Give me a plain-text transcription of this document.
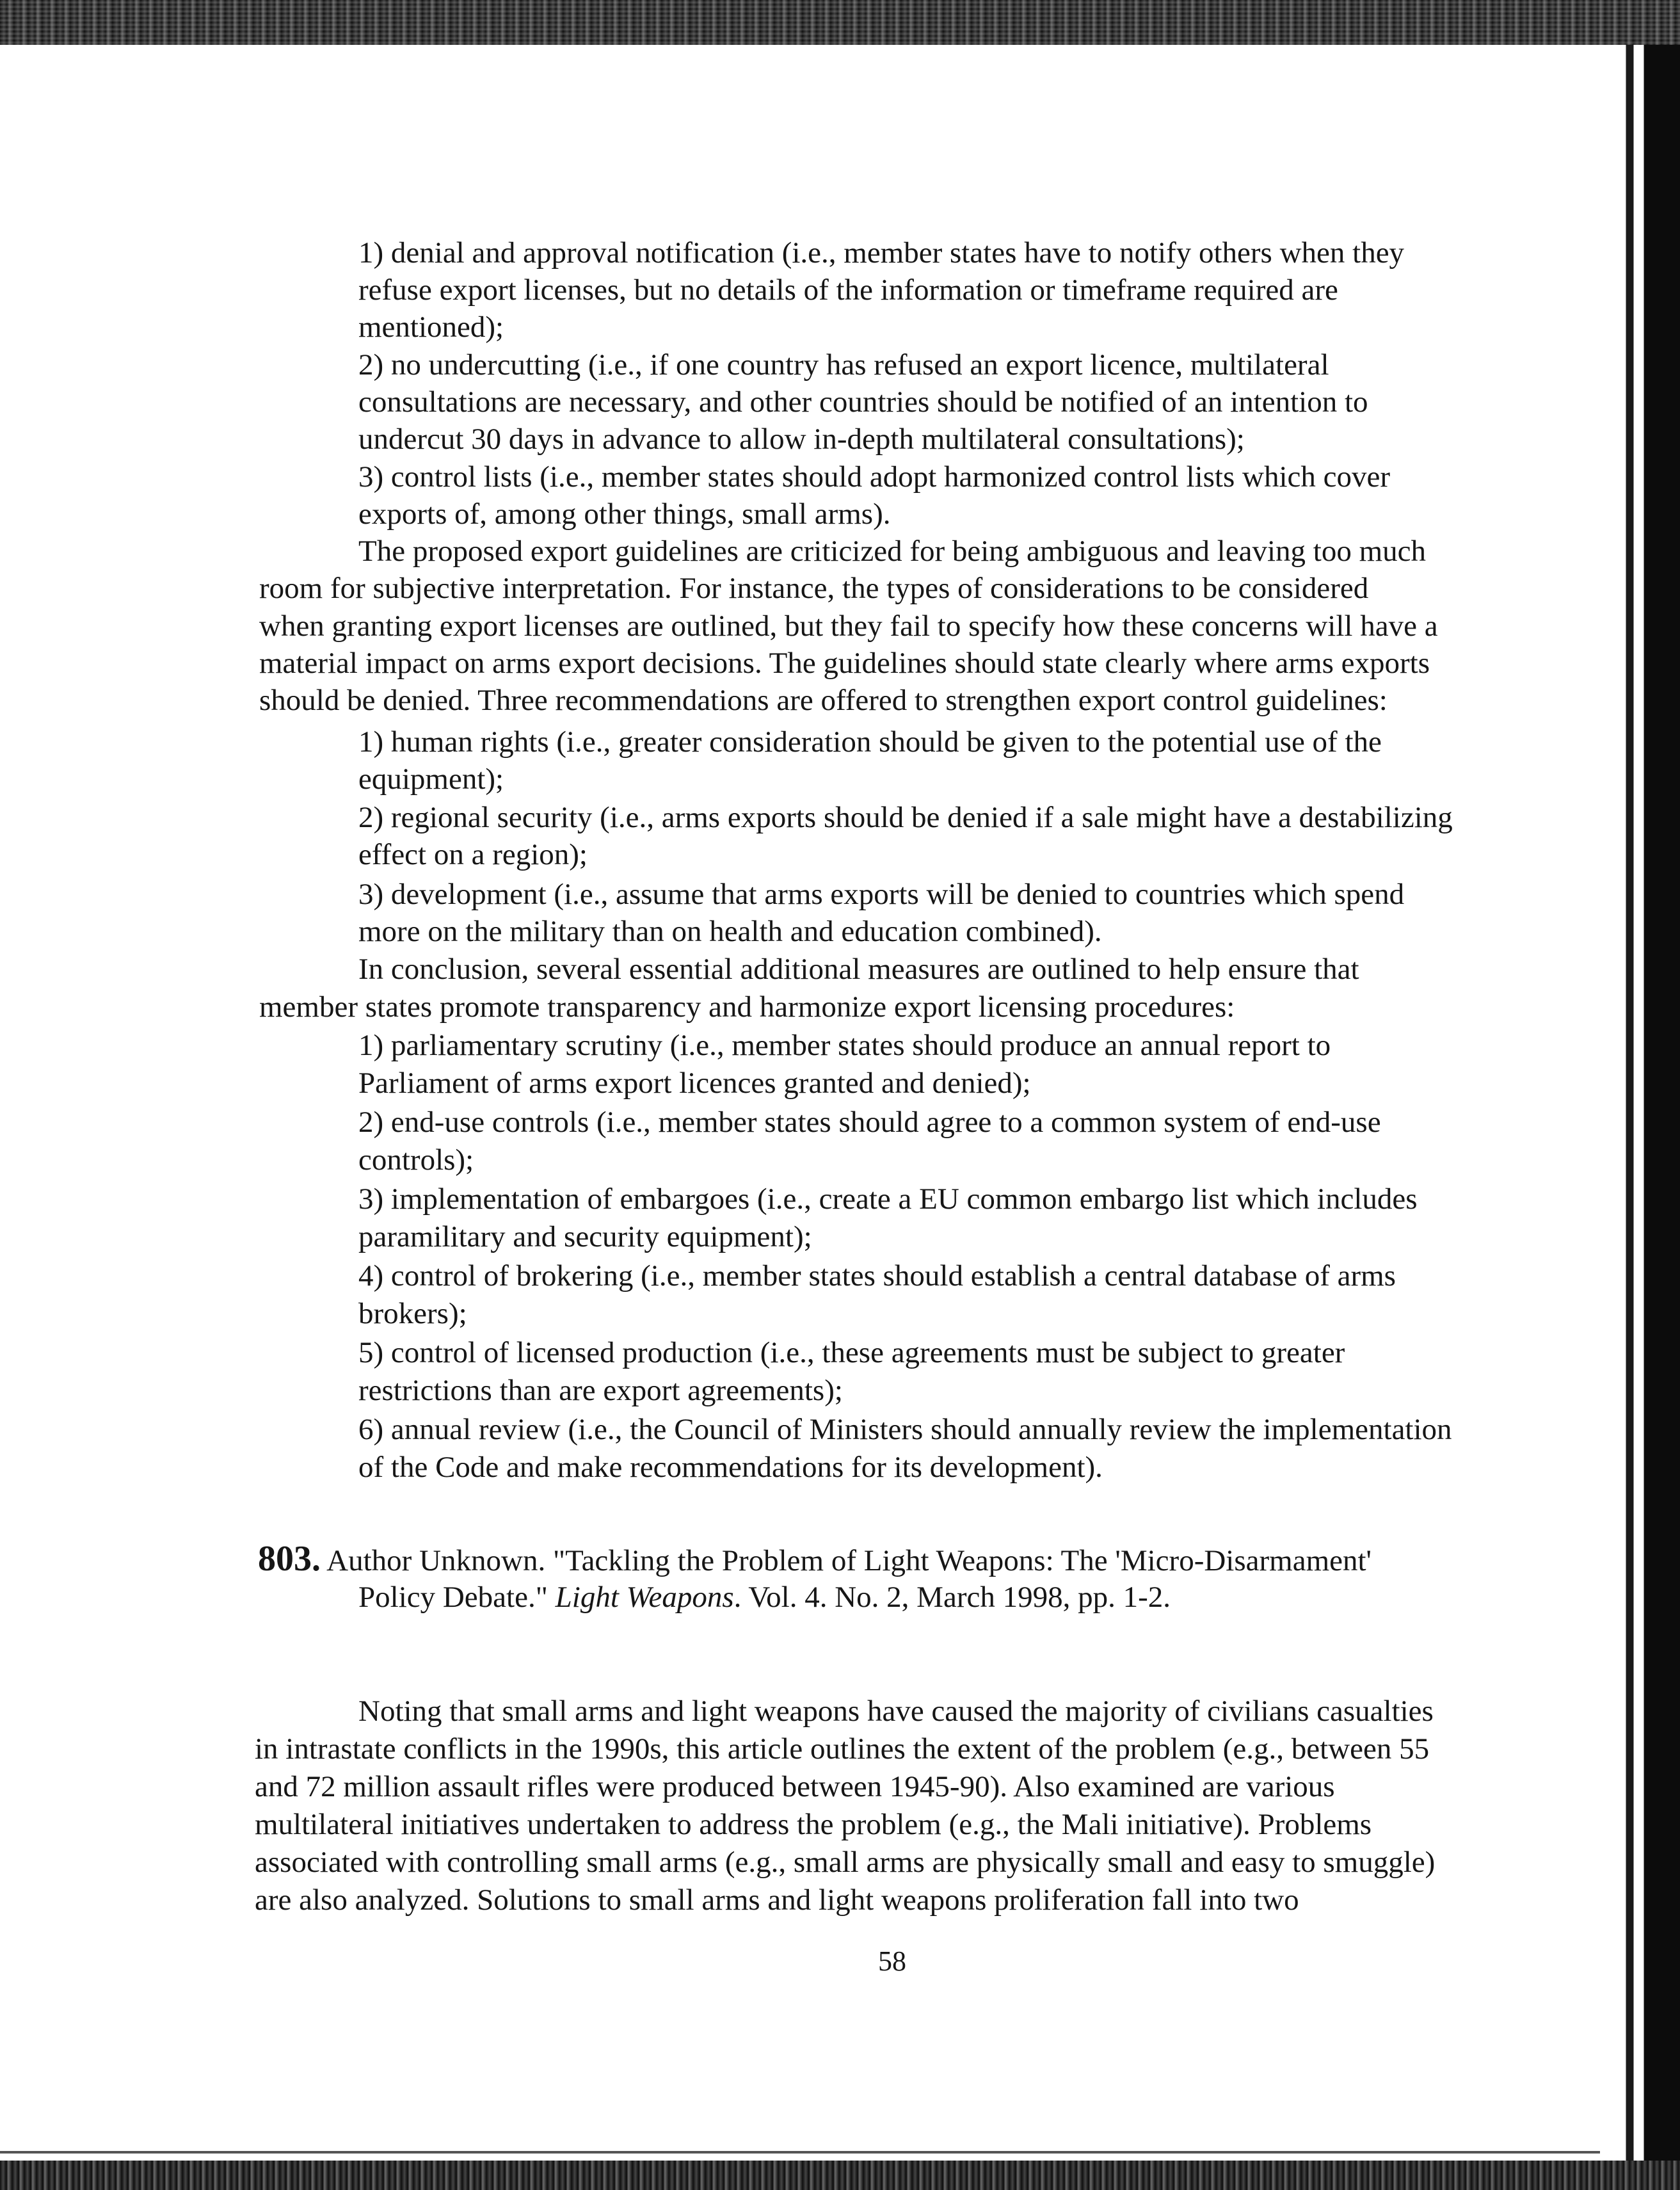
1) denial and approval notification (i.e., member states have to notify others when they
refuse export licenses, but no details of the information or timeframe required are
mentioned);
2) no undercutting (i.e., if one country has refused an export licence, multilateral
consultations are necessary, and other countries should be notified of an intention to
undercut 30 days in advance to allow in-depth multilateral consultations);
3) control lists (i.e., member states should adopt harmonized control lists which cover
exports of, among other things, small arms).
The proposed export guidelines are criticized for being ambiguous and leaving too much
room for subjective interpretation. For instance, the types of considerations to be considered
when granting export licenses are outlined, but they fail to specify how these concerns will have a
material impact on arms export decisions. The guidelines should state clearly where arms exports
should be denied. Three recommendations are offered to strengthen export control guidelines:
1) human rights (i.e., greater consideration should be given to the potential use of the
equipment);
2) regional security (i.e., arms exports should be denied if a sale might have a destabilizing
effect on a region);
3) development (i.e., assume that arms exports will be denied to countries which spend
more on the military than on health and education combined).
In conclusion, several essential additional measures are outlined to help ensure that
member states promote transparency and harmonize export licensing procedures:
1) parliamentary scrutiny (i.e., member states should produce an annual report to
Parliament of arms export licences granted and denied);
2) end-use controls (i.e., member states should agree to a common system of end-use
controls);
3) implementation of embargoes (i.e., create a EU common embargo list which includes
paramilitary and security equipment);
4) control of brokering (i.e., member states should establish a central database of arms
brokers);
5) control of licensed production (i.e., these agreements must be subject to greater
restrictions than are export agreements);
6) annual review (i.e., the Council of Ministers should annually review the implementation
of the Code and make recommendations for its development).
803. Author Unknown. "Tackling the Problem of Light Weapons: The 'Micro-Disarmament'
Policy Debate." Light Weapons. Vol. 4. No. 2, March 1998, pp. 1-2.
Noting that small arms and light weapons have caused the majority of civilians casualties
in intrastate conflicts in the 1990s, this article outlines the extent of the problem (e.g., between 55
and 72 million assault rifles were produced between 1945-90). Also examined are various
multilateral initiatives undertaken to address the problem (e.g., the Mali initiative). Problems
associated with controlling small arms (e.g., small arms are physically small and easy to smuggle)
are also analyzed. Solutions to small arms and light weapons proliferation fall into two
58
